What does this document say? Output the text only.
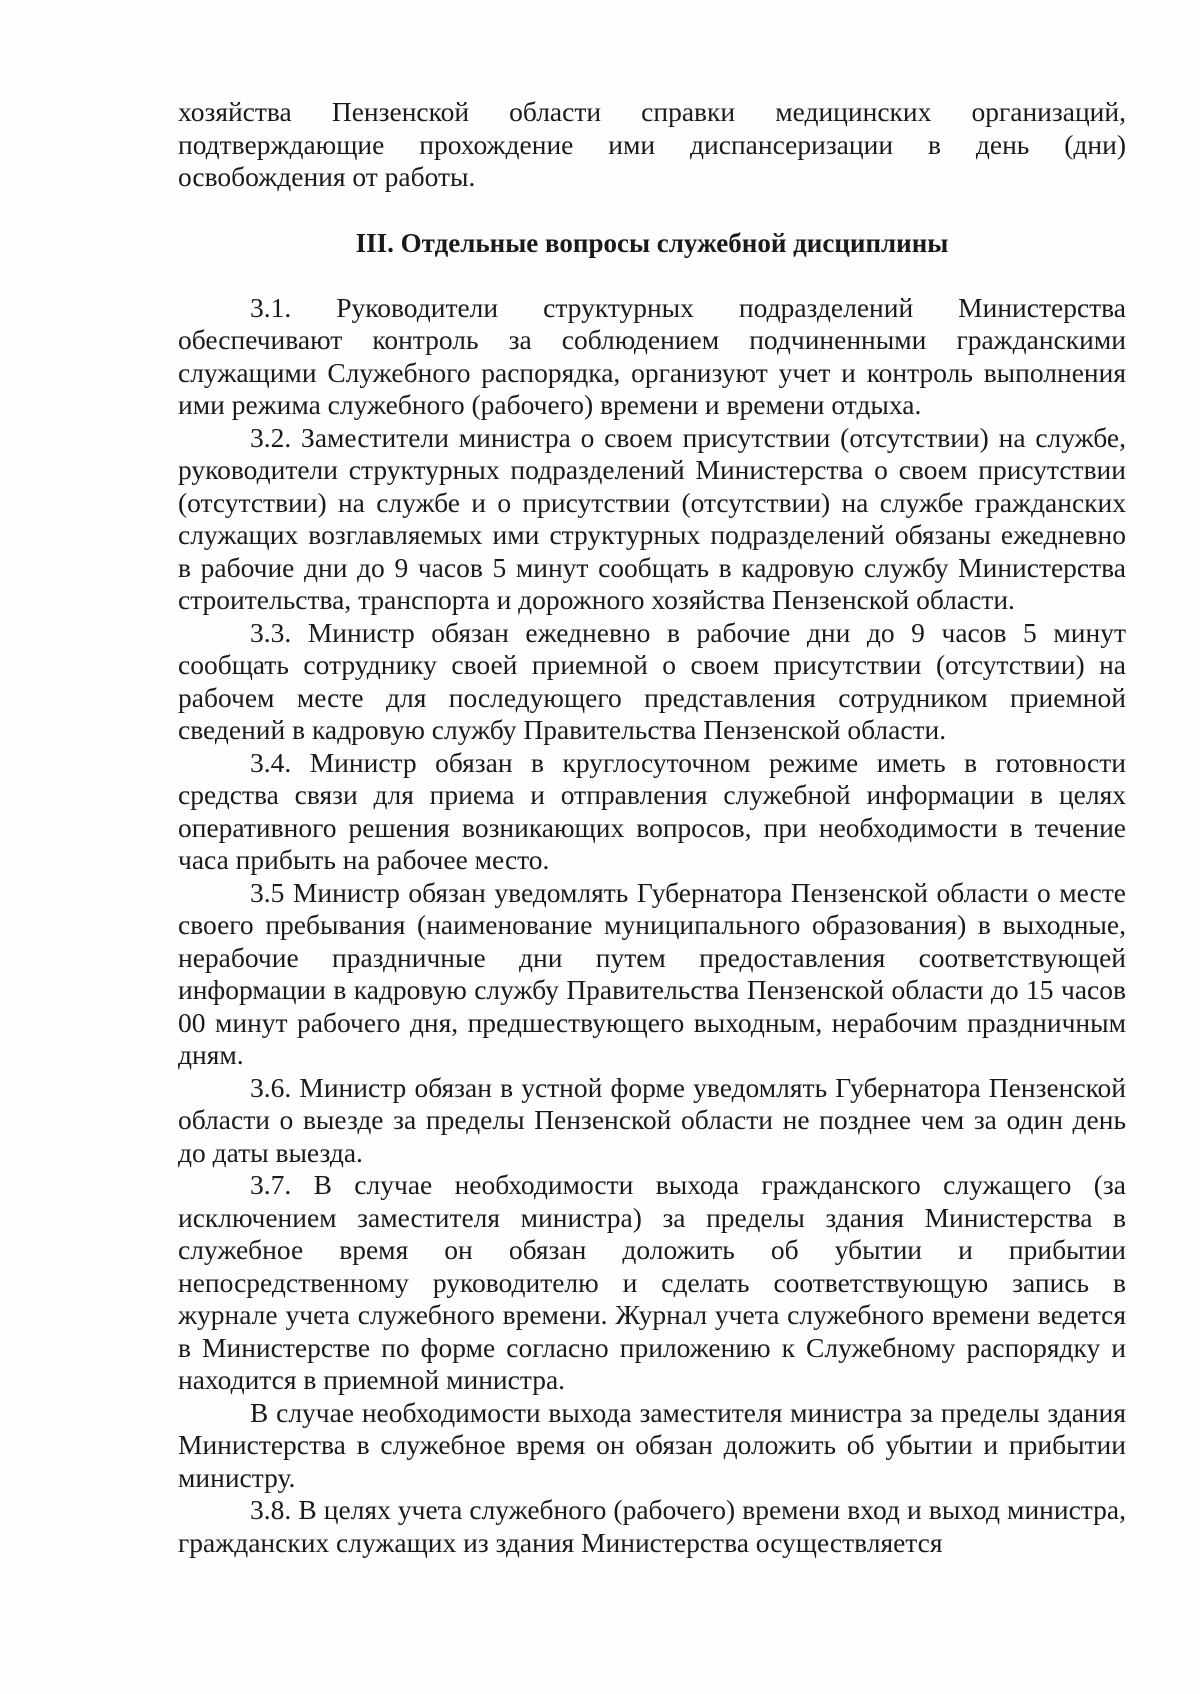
хозяйства Пензенской области справки медицинских организаций, подтверждающие прохождение ими диспансеризации в день (дни) освобождения от работы.

III. Отдельные вопросы служебной дисциплины

3.1. Руководители структурных подразделений Министерства обеспечивают контроль за соблюдением подчиненными гражданскими служащими Служебного распорядка, организуют учет и контроль выполнения ими режима служебного (рабочего) времени и времени отдыха.

3.2. Заместители министра о своем присутствии (отсутствии) на службе, руководители структурных подразделений Министерства о своем присутствии (отсутствии) на службе и о присутствии (отсутствии) на службе гражданских служащих возглавляемых ими структурных подразделений обязаны ежедневно в рабочие дни до 9 часов 5 минут сообщать в кадровую службу Министерства строительства, транспорта и дорожного хозяйства Пензенской области.

3.3. Министр обязан ежедневно в рабочие дни до 9 часов 5 минут сообщать сотруднику своей приемной о своем присутствии (отсутствии) на рабочем месте для последующего представления сотрудником приемной сведений в кадровую службу Правительства Пензенской области.

3.4. Министр обязан в круглосуточном режиме иметь в готовности средства связи для приема и отправления служебной информации в целях оперативного решения возникающих вопросов, при необходимости в течение часа прибыть на рабочее место.

3.5 Министр обязан уведомлять Губернатора Пензенской области о месте своего пребывания (наименование муниципального образования) в выходные, нерабочие праздничные дни путем предоставления соответствующей информации в кадровую службу Правительства Пензенской области до 15 часов 00 минут рабочего дня, предшествующего выходным, нерабочим праздничным дням.

3.6. Министр обязан в устной форме уведомлять Губернатора Пензенской области о выезде за пределы Пензенской области не позднее чем за один день до даты выезда.

3.7. В случае необходимости выхода гражданского служащего (за исключением заместителя министра) за пределы здания Министерства в служебное время он обязан доложить об убытии и прибытии непосредственному руководителю и сделать соответствующую запись в журнале учета служебного времени. Журнал учета служебного времени ведется в Министерстве по форме согласно приложению к Служебному распорядку и находится в приемной министра.

В случае необходимости выхода заместителя министра за пределы здания Министерства в служебное время он обязан доложить об убытии и прибытии министру.

3.8. В целях учета служебного (рабочего) времени вход и выход министра, гражданских служащих из здания Министерства осуществляется
